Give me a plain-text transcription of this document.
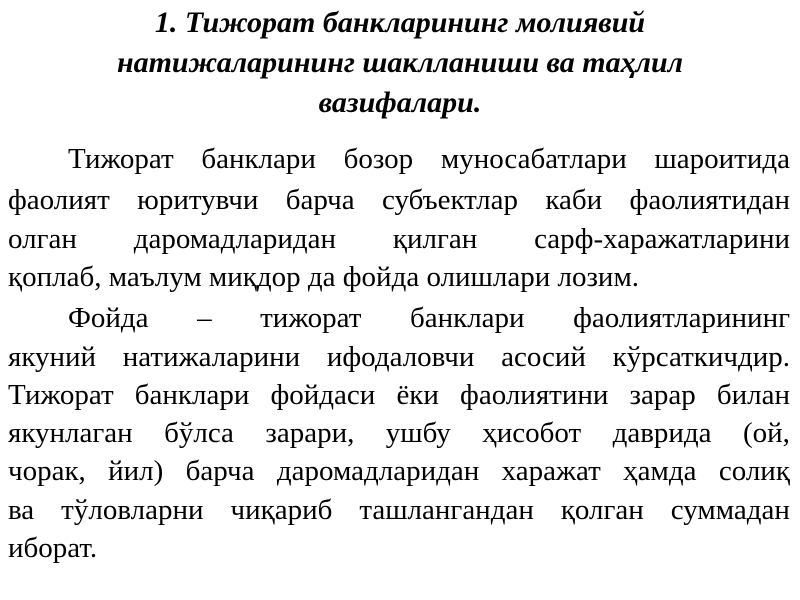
1. Тижорат банкларининг молиявий
натижаларининг шаклланиши ва таҳлил
вазифалари.
Тижорат банклари бозор муносабатлари шароитида
фаолият юритувчи барча субъектлар каби фаолиятидан
олган даромадларидан қилган сарф-харажатларини
қоплаб, маълум миқдор да фойда олишлари лозим.
Фойда – тижорат банклари фаолиятларининг
якуний натижаларини ифодаловчи асосий кўрсаткичдир.
Тижорат банклари фойдаси ёки фаолиятини зарар билан
якунлаган бўлса зарари, ушбу ҳисобот даврида (ой,
чорак, йил) барча даромадларидан харажат ҳамда солиқ
ва тўловларни чиқариб ташлангандан қолган суммадан
иборат.
